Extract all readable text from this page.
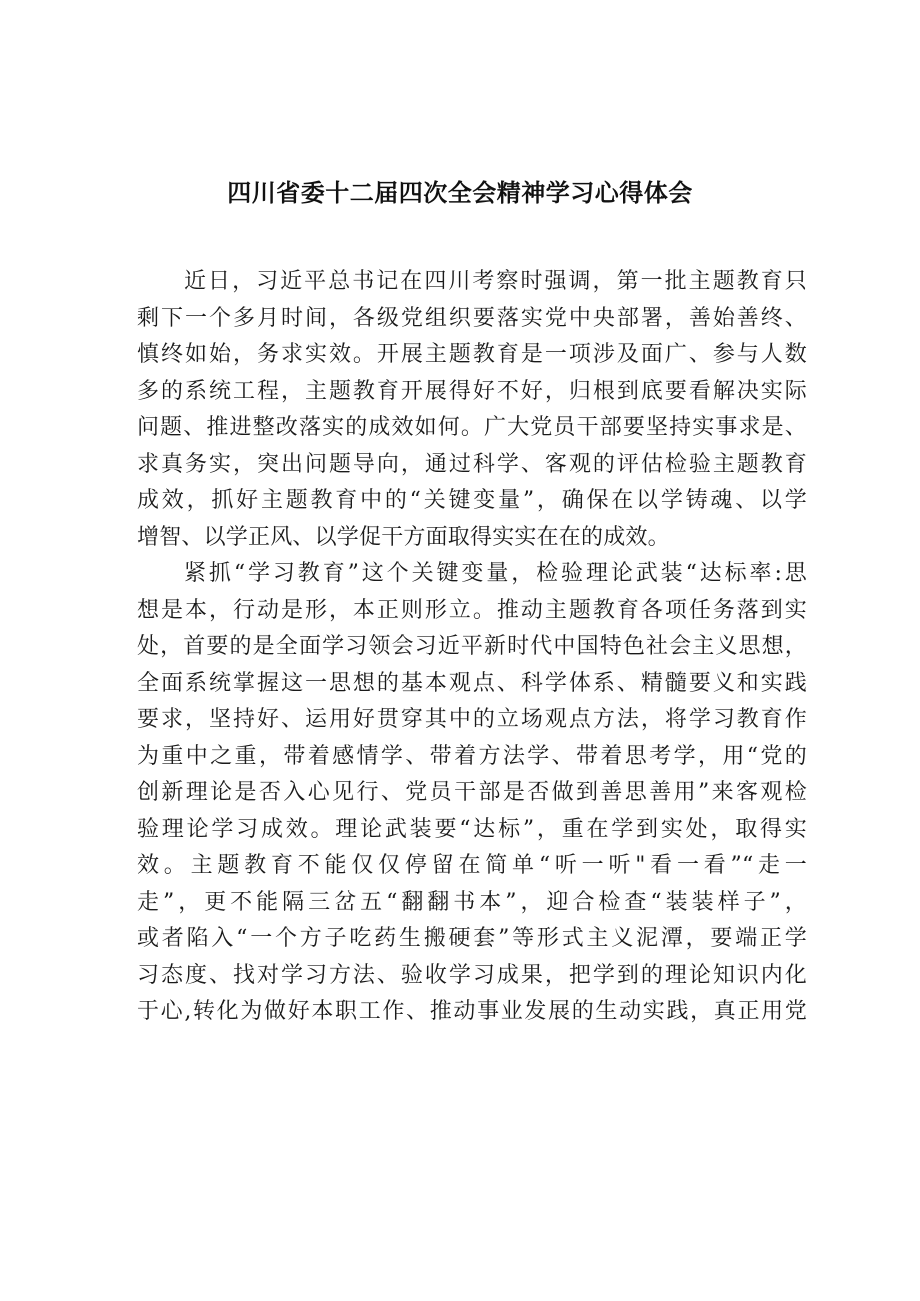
四川省委十二届四次全会精神学习心得体会
近日，习近平总书记在四川考察时强调，第一批主题教育只
剩下一个多月时间，各级党组织要落实党中央部署，善始善终、
慎终如始，务求实效。开展主题教育是一项涉及面广、参与人数
多的系统工程，主题教育开展得好不好，归根到底要看解决实际
问题、推进整改落实的成效如何。广大党员干部要坚持实事求是、
求真务实，突出问题导向，通过科学、客观的评估检验主题教育
成效，抓好主题教育中的“关键变量”，确保在以学铸魂、以学
增智、以学正风、以学促干方面取得实实在在的成效。
紧抓“学习教育”这个关键变量，检验理论武装“达标率:思
想是本，行动是形，本正则形立。推动主题教育各项任务落到实
处，首要的是全面学习领会习近平新时代中国特色社会主义思想，
全面系统掌握这一思想的基本观点、科学体系、精髓要义和实践
要求，坚持好、运用好贯穿其中的立场观点方法，将学习教育作
为重中之重，带着感情学、带着方法学、带着思考学，用“党的
创新理论是否入心见行、党员干部是否做到善思善用”来客观检
验理论学习成效。理论武装要“达标”，重在学到实处，取得实
效。主题教育不能仅仅停留在简单“听一听"看一看”“走一
走”，更不能隔三岔五“翻翻书本”，迎合检查“装装样子”，
或者陷入“一个方子吃药生搬硬套”等形式主义泥潭，要端正学
习态度、找对学习方法、验收学习成果，把学到的理论知识内化
于心,转化为做好本职工作、推动事业发展的生动实践，真正用党
